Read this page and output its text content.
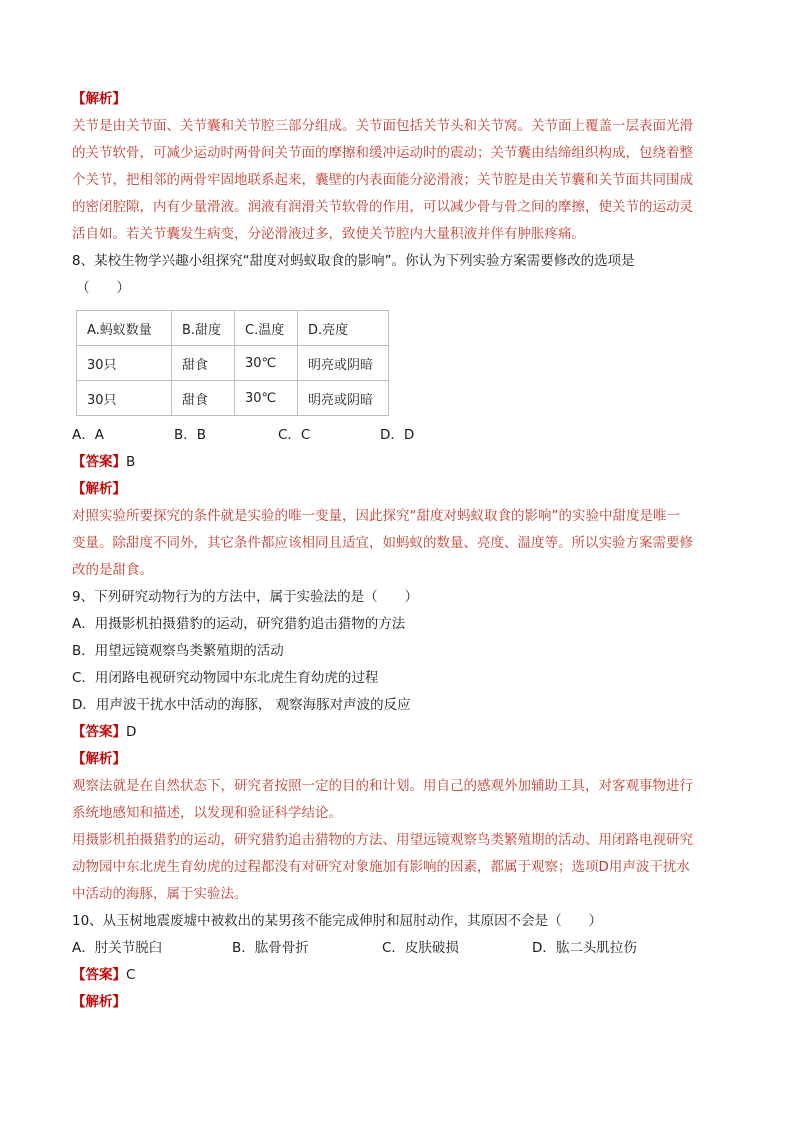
【解析】
关节是由关节面、关节囊和关节腔三部分组成。关节面包括关节头和关节窝。关节面上覆盖一层表面光滑
的关节软骨，可减少运动时两骨间关节面的摩擦和缓冲运动时的震动；关节囊由结缔组织构成，包绕着整
个关节，把相邻的两骨牢固地联系起来，囊壁的内表面能分泌滑液；关节腔是由关节囊和关节面共同围成
的密闭腔隙，内有少量滑液。润液有润滑关节软骨的作用，可以减少骨与骨之间的摩擦，使关节的运动灵
活自如。若关节囊发生病变，分泌滑液过多，致使关节腔内大量积液并伴有肿胀疼痛。
8、某校生物学兴趣小组探究“甜度对蚂蚁取食的影响”。你认为下列实验方案需要修改的选项是
（　　）
A.蚂蚁数量	B.甜度	C.温度	D.亮度
30只	甜食	30℃	明亮或阴暗
30只	甜食	30℃	明亮或阴暗
A．A	B．B	C．C	D．D
【答案】B
【解析】
对照实验所要探究的条件就是实验的唯一变量，因此探究“甜度对蚂蚁取食的影响”的实验中甜度是唯一
变量。除甜度不同外，其它条件都应该相同且适宜，如蚂蚁的数量、亮度、温度等。所以实验方案需要修
改的是甜食。
9、下列研究动物行为的方法中，属于实验法的是（　　）
A．用摄影机拍摄猎豹的运动，研究猎豹追击猎物的方法
B．用望远镜观察鸟类繁殖期的活动
C．用闭路电视研究动物园中东北虎生育幼虎的过程
D．用声波干扰水中活动的海豚， 观察海豚对声波的反应
【答案】D
【解析】
观察法就是在自然状态下，研究者按照一定的目的和计划。用自己的感观外加辅助工具，对客观事物进行
系统地感知和描述，以发现和验证科学结论。
用摄影机拍摄猎豹的运动，研究猎豹追击猎物的方法、用望远镜观察鸟类繁殖期的活动、用闭路电视研究
动物园中东北虎生育幼虎的过程都没有对研究对象施加有影响的因素，都属于观察；选项D用声波干扰水
中活动的海豚，属于实验法。
10、从玉树地震废墟中被救出的某男孩不能完成伸肘和屈肘动作，其原因不会是（　　）
A．肘关节脱臼	B．肱骨骨折	C．皮肤破损	D．肱二头肌拉伤
【答案】C
【解析】
